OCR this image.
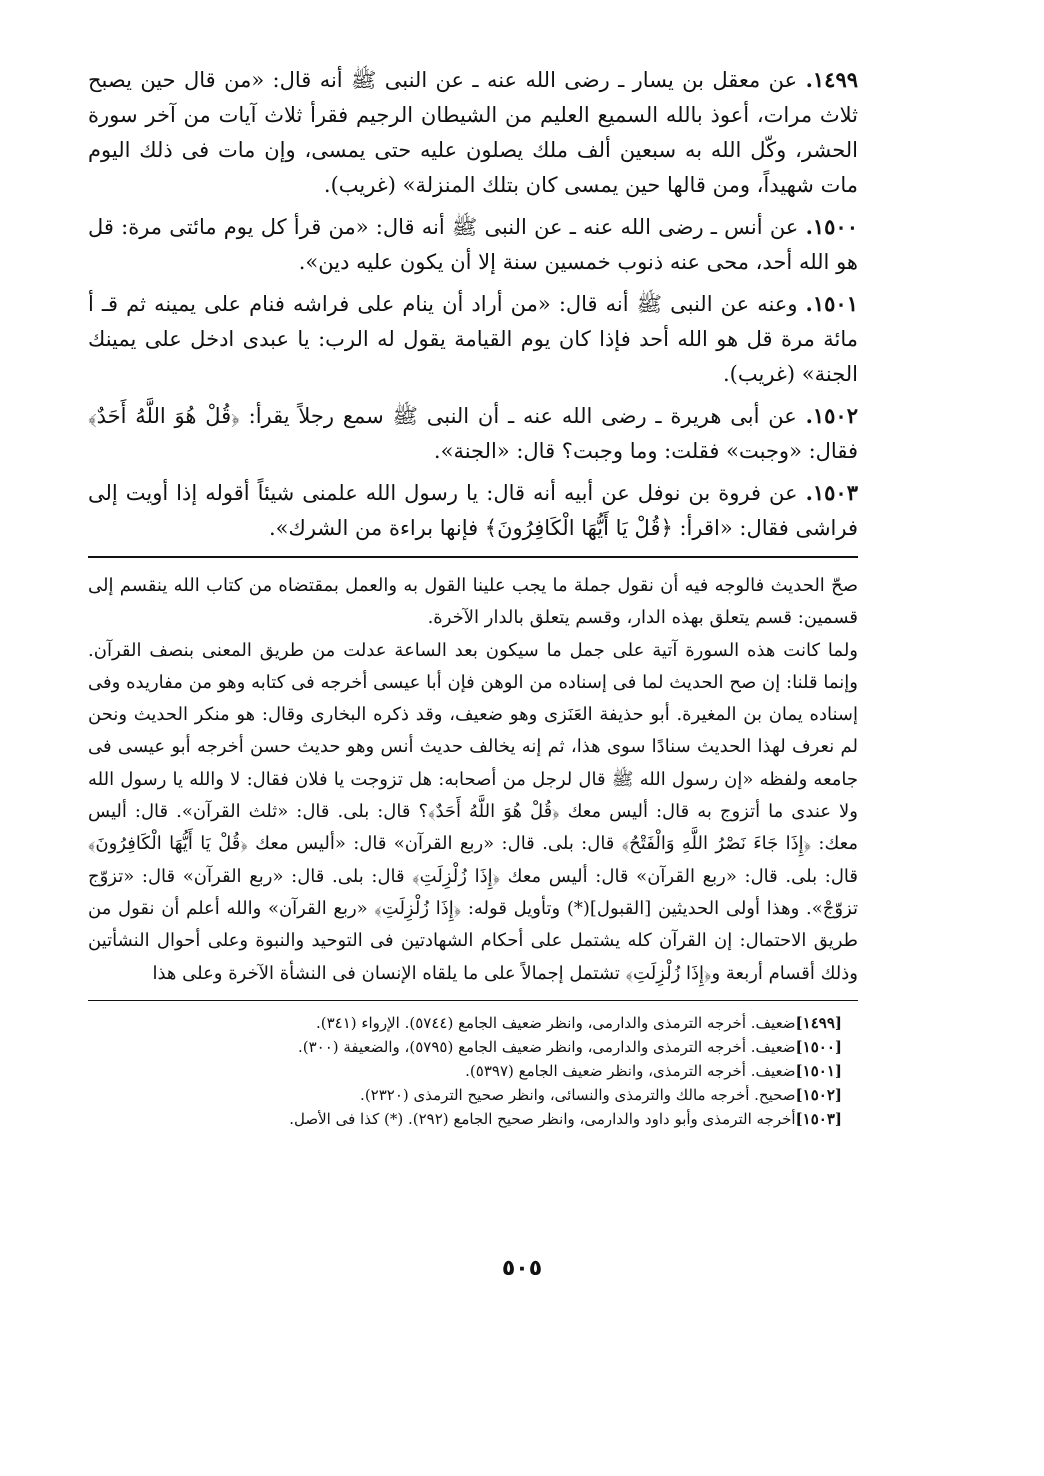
١٤٩٩. عن معقل بن يسار ـ رضى الله عنه ـ عن النبى ﷺ أنه قال: «من قال حين يصبح ثلاث مرات، أعوذ بالله السميع العليم من الشيطان الرجيم فقرأ ثلاث آيات من آخر سورة الحشر، وكّل الله به سبعين ألف ملك يصلون عليه حتى يمسى، وإن مات فى ذلك اليوم مات شهيداً، ومن قالها حين يمسى كان بتلك المنزلة» (غريب).

١٥٠٠. عن أنس ـ رضى الله عنه ـ عن النبى ﷺ أنه قال: «من قرأ كل يوم مائتى مرة: قل هو الله أحد، محى عنه ذنوب خمسين سنة إلا أن يكون عليه دين».

١٥٠١. وعنه عن النبى ﷺ أنه قال: «من أراد أن ينام على فراشه فنام على يمينه ثم قـ أ مائة مرة قل هو الله أحد فإذا كان يوم القيامة يقول له الرب: يا عبدى ادخل على يمينك الجنة» (غريب).

١٥٠٢. عن أبى هريرة ـ رضى الله عنه ـ أن النبى ﷺ سمع رجلاً يقرأ: ﴿قُلْ هُوَ اللَّهُ أَحَدٌ﴾ فقال: «وجبت» فقلت: وما وجبت؟ قال: «الجنة».

١٥٠٣. عن فروة بن نوفل عن أبيه أنه قال: يا رسول الله علمنى شيئاً أقوله إذا أويت إلى فراشى فقال: «اقرأ: ﴿قُلْ يَا أَيُّهَا الْكَافِرُونَ﴾ فإنها براءة من الشرك».

صحّ الحديث فالوجه فيه أن نقول جملة ما يجب علينا القول به والعمل بمقتضاه من كتاب الله ينقسم إلى قسمين: قسم يتعلق بهذه الدار، وقسم يتعلق بالدار الآخرة.

ولما كانت هذه السورة آتية على جمل ما سيكون بعد الساعة عدلت من طريق المعنى بنصف القرآن. وإنما قلنا: إن صح الحديث لما فى إسناده من الوهن فإن أبا عيسى أخرجه فى كتابه وهو من مفاريده وفى إسناده يمان بن المغيرة. أبو حذيفة العَنَزى وهو ضعيف، وقد ذكره البخارى وقال: هو منكر الحديث ونحن لم نعرف لهذا الحديث سنادًا سوى هذا، ثم إنه يخالف حديث أنس وهو حديث حسن أخرجه أبو عيسى فى جامعه ولفظه «إن رسول الله ﷺ قال لرجل من أصحابه: هل تزوجت يا فلان فقال: لا والله يا رسول الله ولا عندى ما أتزوج به قال: أليس معك ﴿قُلْ هُوَ اللَّهُ أَحَدٌ﴾؟ قال: بلى. قال: «ثلث القرآن». قال: أليس معك: ﴿إِذَا جَاءَ نَصْرُ اللَّهِ وَالْفَتْحُ﴾ قال: بلى. قال: «ربع القرآن» قال: «أليس معك ﴿قُلْ يَا أَيُّهَا الْكَافِرُونَ﴾ قال: بلى. قال: «ربع القرآن» قال: أليس معك ﴿إِذَا زُلْزِلَتِ﴾ قال: بلى. قال: «ربع القرآن» قال: «تزوّج تزوّجْ». وهذا أولى الحديثين [القبول](*) وتأويل قوله: ﴿إِذَا زُلْزِلَتِ﴾ «ربع القرآن» والله أعلم أن نقول من طريق الاحتمال: إن القرآن كله يشتمل على أحكام الشهادتين فى التوحيد والنبوة وعلى أحوال النشأتين وذلك أقسام أربعة و﴿إِذَا زُلْزِلَتِ﴾ تشتمل إجمالاً على ما يلقاه الإنسان فى النشأة الآخرة وعلى هذا

[١٤٩٩]ضعيف. أخرجه الترمذى والدارمى، وانظر ضعيف الجامع (٥٧٤٤). الإرواء (٣٤١).

[١٥٠٠]ضعيف. أخرجه الترمذى والدارمى، وانظر ضعيف الجامع (٥٧٩٥)، والضعيفة (٣٠٠).

[١٥٠١]ضعيف. أخرجه الترمذى، وانظر ضعيف الجامع (٥٣٩٧).

[١٥٠٢]صحيح. أخرجه مالك والترمذى والنسائى، وانظر صحيح الترمذى (٢٣٢٠).

[١٥٠٣]أخرجه الترمذى وأبو داود والدارمى، وانظر صحيح الجامع (٢٩٢). (*) كذا فى الأصل.

٥٠٥
